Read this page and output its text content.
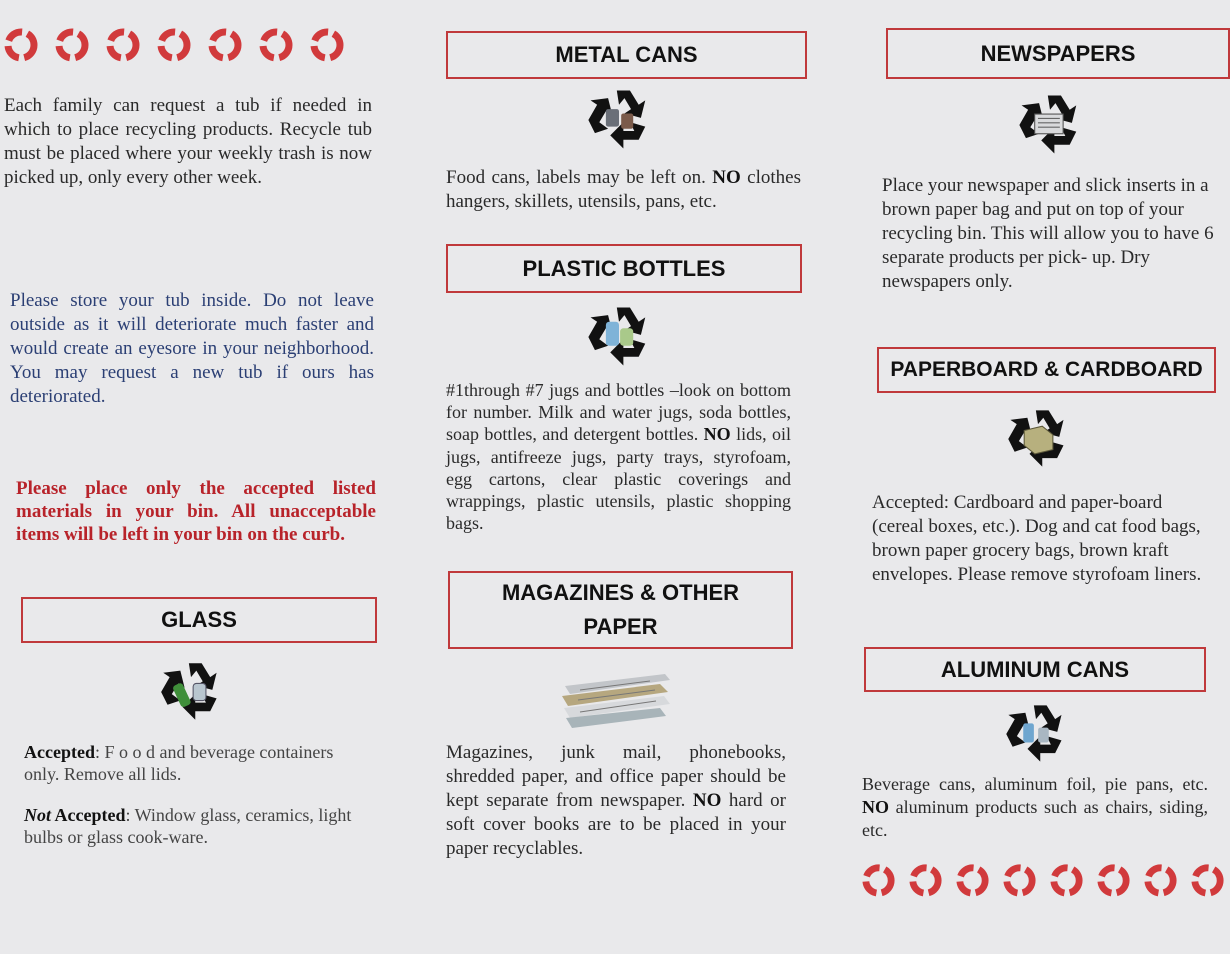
Each family can request a tub if needed in which to place recycling products. Recycle tub must be placed where your weekly trash is now picked up, only every other week.

Please store your tub inside. Do not leave outside as it will deteriorate much faster and would create an eyesore in your neighborhood. You may request a new tub if ours has deteriorated.

Please place only the accepted listed materials in your bin. All unacceptable items will be left in your bin on the curb.

GLASS

Accepted: F o o d and beverage containers only. Remove all lids.

Not Accepted: Window glass, ceramics, light bulbs or glass cook-ware.

METAL CANS

Food cans, labels may be left on. NO clothes hangers, skillets, utensils, pans, etc.

PLASTIC BOTTLES

#1through #7 jugs and bottles –look on bottom for number. Milk and water jugs, soda bottles, soap bottles, and detergent bottles. NO lids, oil jugs, antifreeze jugs, party trays, styrofoam, egg cartons, clear plastic coverings and wrappings, plastic utensils, plastic shopping bags.

MAGAZINES & OTHER
PAPER

Magazines, junk mail, phonebooks, shredded paper, and office paper should be kept separate from newspaper. NO hard or soft cover books are to be placed in your paper recyclables.

NEWSPAPERS

Place your newspaper and slick inserts in a brown paper bag and put on top of your recycling bin. This will allow you to have 6 separate products per pick- up. Dry newspapers only.

PAPERBOARD & CARDBOARD

Accepted: Cardboard and paper-board (cereal boxes, etc.). Dog and cat food bags, brown paper grocery bags, brown kraft envelopes. Please remove styrofoam liners.

ALUMINUM CANS

Beverage cans, aluminum foil, pie pans, etc. NO aluminum products such as chairs, siding, etc.
